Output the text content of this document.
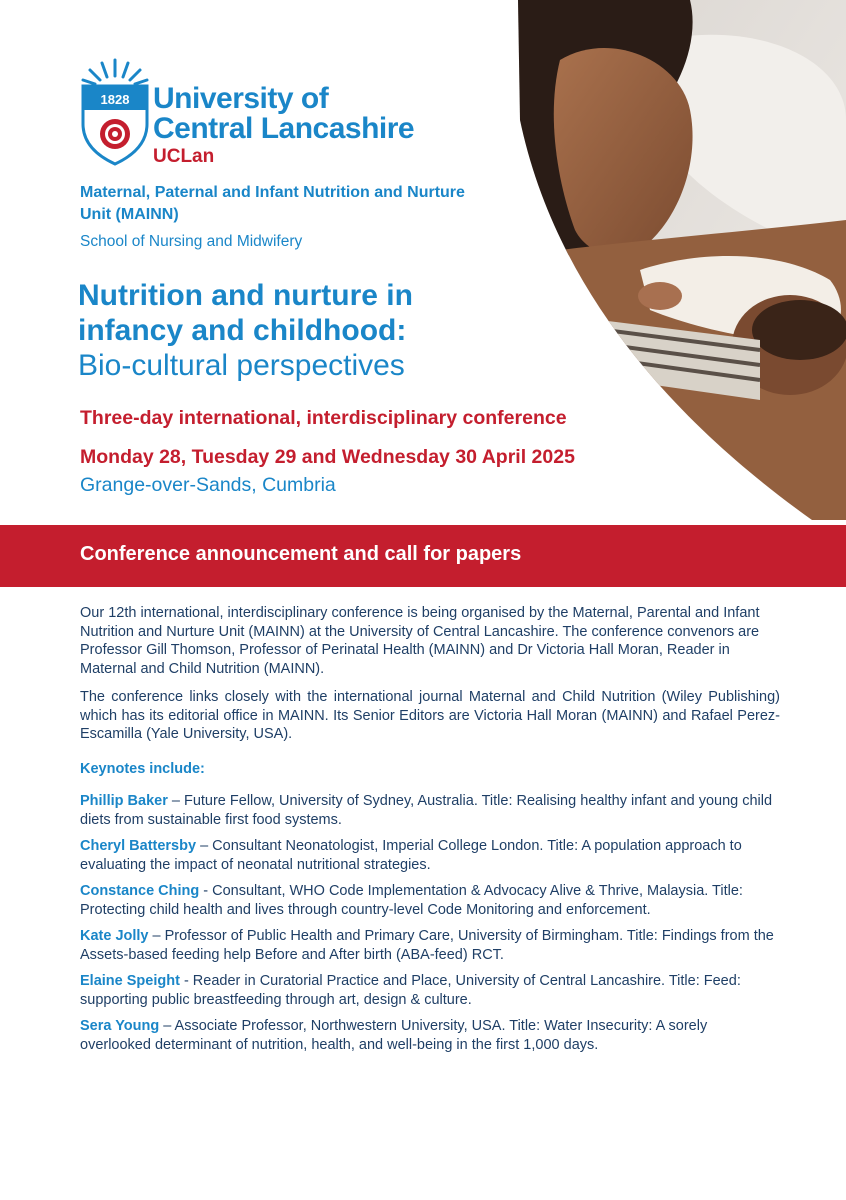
1828 University of
Central Lancashire
UCLan
Maternal, Paternal and Infant Nutrition and Nurture Unit (MAINN)
School of Nursing and Midwifery
Nutrition and nurture in
infancy and childhood:
Bio-cultural perspectives
Three-day international, interdisciplinary conference
Monday 28, Tuesday 29 and Wednesday 30 April 2025
Grange-over-Sands, Cumbria
Conference announcement and call for papers

Our 12th international, interdisciplinary conference is being organised by the Maternal, Parental and Infant Nutrition and Nurture Unit (MAINN) at the University of Central Lancashire. The conference convenors are Professor Gill Thomson, Professor of Perinatal Health (MAINN) and Dr Victoria Hall Moran, Reader in Maternal and Child Nutrition (MAINN).

The conference links closely with the international journal Maternal and Child Nutrition (Wiley Publishing) which has its editorial office in MAINN. Its Senior Editors are Victoria Hall Moran (MAINN) and Rafael Perez-Escamilla (Yale University, USA).

Keynotes include:
Phillip Baker – Future Fellow, University of Sydney, Australia. Title: Realising healthy infant and young child diets from sustainable first food systems.
Cheryl Battersby – Consultant Neonatologist, Imperial College London. Title: A population approach to evaluating the impact of neonatal nutritional strategies.
Constance Ching - Consultant, WHO Code Implementation & Advocacy Alive & Thrive, Malaysia. Title: Protecting child health and lives through country-level Code Monitoring and enforcement.
Kate Jolly – Professor of Public Health and Primary Care, University of Birmingham. Title: Findings from the Assets-based feeding help Before and After birth (ABA-feed) RCT.
Elaine Speight - Reader in Curatorial Practice and Place, University of Central Lancashire. Title: Feed: supporting public breastfeeding through art, design & culture.
Sera Young – Associate Professor, Northwestern University, USA. Title: Water Insecurity: A sorely overlooked determinant of nutrition, health, and well-being in the first 1,000 days.
